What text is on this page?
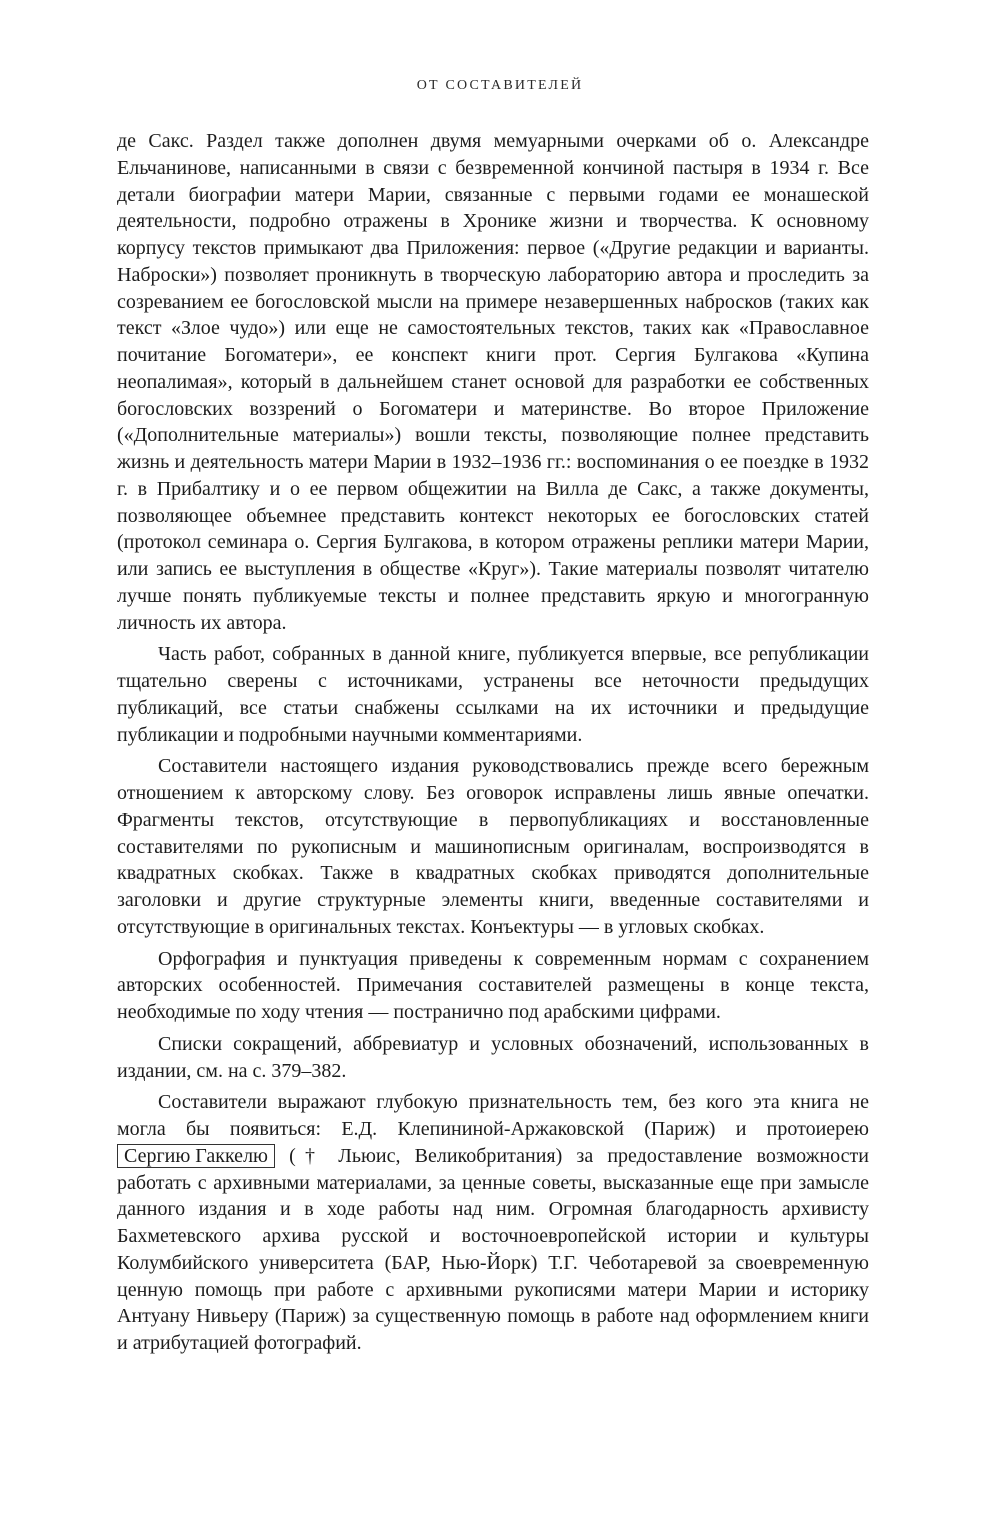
ОТ СОСТАВИТЕЛЕЙ

де Сакс. Раздел также дополнен двумя мемуарными очерками об о. Александре Ельчанинове, написанными в связи с безвременной кончиной пастыря в 1934 г. Все детали биографии матери Марии, связанные с первыми годами ее монашеской деятельности, подробно отражены в Хронике жизни и творчества. К основному корпусу текстов примыкают два Приложения: первое («Другие редакции и варианты. Наброски») позволяет проникнуть в творческую лабораторию автора и проследить за созреванием ее богословской мысли на примере незавершенных набросков (таких как текст «Злое чудо») или еще не самостоятельных текстов, таких как «Православное почитание Богоматери», ее конспект книги прот. Сергия Булгакова «Купина неопалимая», который в дальнейшем станет основой для разработки ее собственных богословских воззрений о Богоматери и материнстве. Во второе Приложение («Дополнительные материалы») вошли тексты, позволяющие полнее представить жизнь и деятельность матери Марии в 1932–1936 гг.: воспоминания о ее поездке в 1932 г. в Прибалтику и о ее первом общежитии на Вилла де Сакс, а также документы, позволяющее объемнее представить контекст некоторых ее богословских статей (протокол семинара о. Сергия Булгакова, в котором отражены реплики матери Марии, или запись ее выступления в обществе «Круг»). Такие материалы позволят читателю лучше понять публикуемые тексты и полнее представить яркую и многогранную личность их автора.

Часть работ, собранных в данной книге, публикуется впервые, все републикации тщательно сверены с источниками, устранены все неточности предыдущих публикаций, все статьи снабжены ссылками на их источники и предыдущие публикации и подробными научными комментариями.

Составители настоящего издания руководствовались прежде всего бережным отношением к авторскому слову. Без оговорок исправлены лишь явные опечатки. Фрагменты текстов, отсутствующие в первопубликациях и восстановленные составителями по рукописным и машинописным оригиналам, воспроизводятся в квадратных скобках. Также в квадратных скобках приводятся дополнительные заголовки и другие структурные элементы книги, введенные составителями и отсутствующие в оригинальных текстах. Конъектуры — в угловых скобках.

Орфография и пунктуация приведены к современным нормам с сохранением авторских особенностей. Примечания составителей размещены в конце текста, необходимые по ходу чтения — постранично под арабскими цифрами.

Списки сокращений, аббревиатур и условных обозначений, использованных в издании, см. на с. 379–382.

Составители выражают глубокую признательность тем, без кого эта книга не могла бы появиться: Е.Д. Клепининой-Аржаковской (Париж) и протоиерею Сергию Гаккелю († Льюис, Великобритания) за предоставление возможности работать с архивными материалами, за ценные советы, высказанные еще при замысле данного издания и в ходе работы над ним. Огромная благодарность архивисту Бахметевского архива русской и восточноевропейской истории и культуры Колумбийского университета (БАР, Нью-Йорк) Т.Г. Чеботаревой за своевременную ценную помощь при работе с архивными рукописями матери Марии и историку Антуану Нивьеру (Париж) за существенную помощь в работе над оформлением книги и атрибутацией фотографий.
